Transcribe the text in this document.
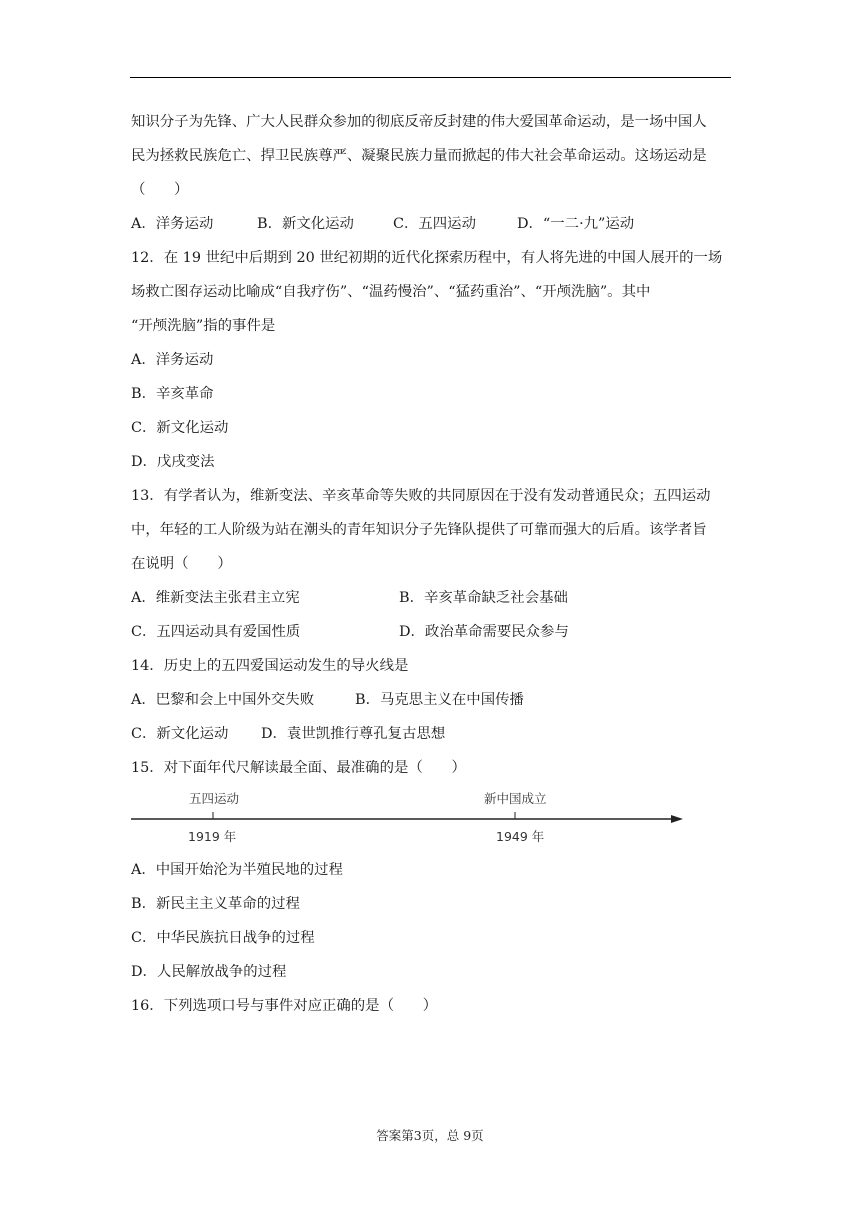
知识分子为先锋、广大人民群众参加的彻底反帝反封建的伟大爱国革命运动，是一场中国人
民为拯救民族危亡、捍卫民族尊严、凝聚民族力量而掀起的伟大社会革命运动。这场运动是
（　　）
A．洋务运动	B．新文化运动	C．五四运动	D．“一二·九”运动
12．在 19 世纪中后期到 20 世纪初期的近代化探索历程中，有人将先进的中国人展开的一场
场救亡图存运动比喻成“自我疗伤”、“温药慢治”、“猛药重治”、“开颅洗脑”。其中
“开颅洗脑”指的事件是
A．洋务运动
B．辛亥革命
C．新文化运动
D．戊戌变法
13．有学者认为，维新变法、辛亥革命等失败的共同原因在于没有发动普通民众；五四运动
中，年轻的工人阶级为站在潮头的青年知识分子先锋队提供了可靠而强大的后盾。该学者旨
在说明（　　）
A．维新变法主张君主立宪	B．辛亥革命缺乏社会基础
C．五四运动具有爱国性质	D．政治革命需要民众参与
14．历史上的五四爱国运动发生的导火线是
A．巴黎和会上中国外交失败	B．马克思主义在中国传播
C．新文化运动 D．袁世凯推行尊孔复古思想
15．对下面年代尺解读最全面、最准确的是（　　）
五四运动
1919 年
新中国成立
1949 年
A．中国开始沦为半殖民地的过程
B．新民主主义革命的过程
C．中华民族抗日战争的过程
D．人民解放战争的过程
16．下列选项口号与事件对应正确的是（　　）
答案第3页，总 9页
